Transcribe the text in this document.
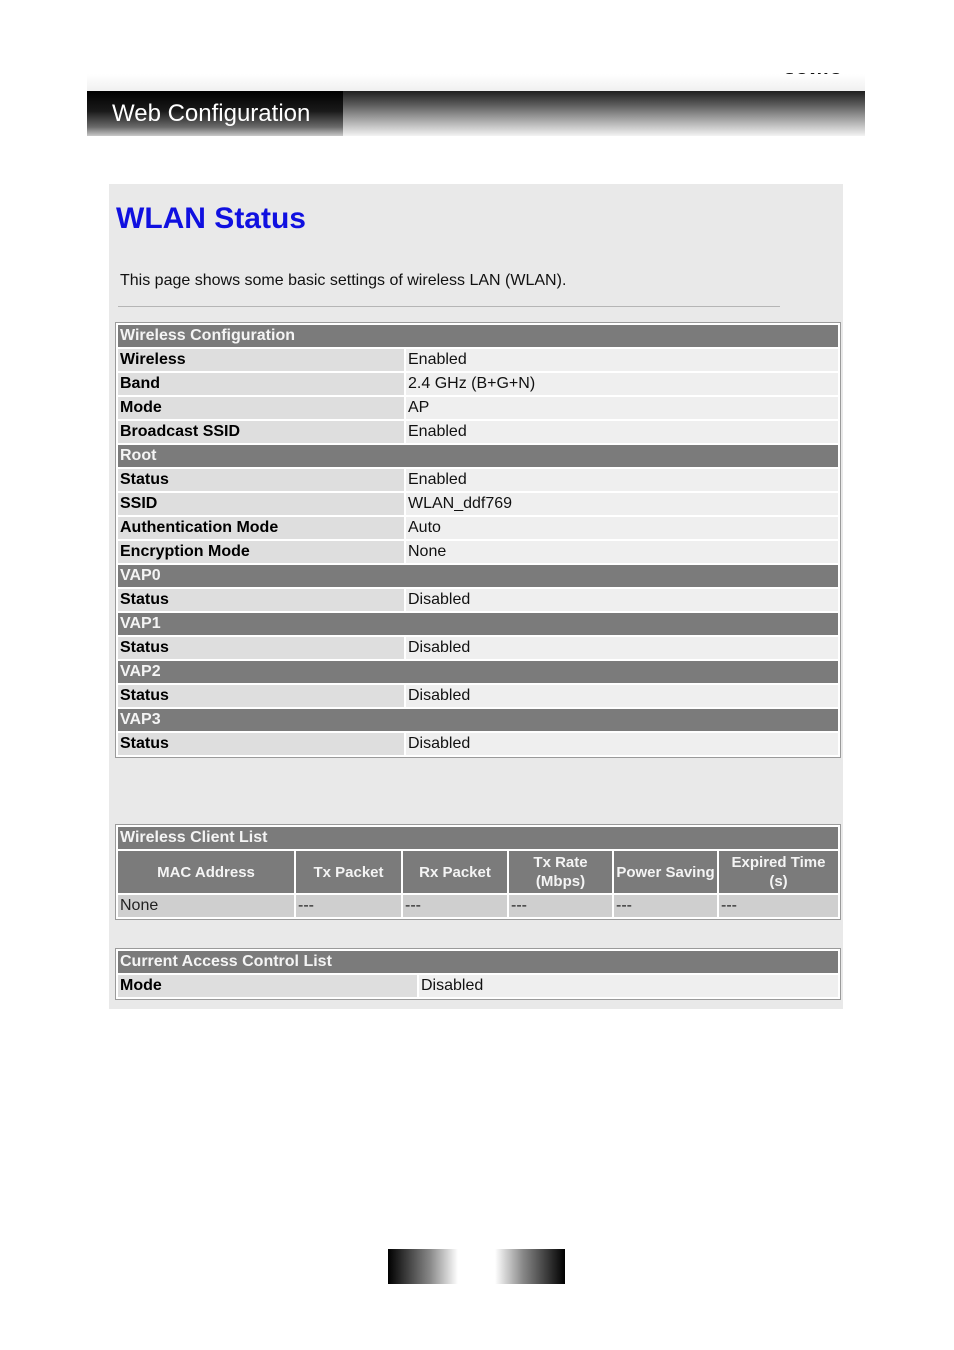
Web Configuration
WLAN Status
This page shows some basic settings of wireless LAN (WLAN).
Wireless Configuration	
Wireless	Enabled
Band	2.4 GHz (B+G+N)
Mode	AP
Broadcast SSID	Enabled
Root	
Status	Enabled
SSID	WLAN_ddf769
Authentication Mode	Auto
Encryption Mode	None
VAP0	
Status	Disabled
VAP1	
Status	Disabled
VAP2	
Status	Disabled
VAP3	
Status	Disabled
Wireless Client List					
MAC Address	Tx Packet	Rx Packet	Tx Rate (Mbps)	Power Saving	Expired Time (s)
None	---	---	---	---	---
Current Access Control List
Mode	Disabled
